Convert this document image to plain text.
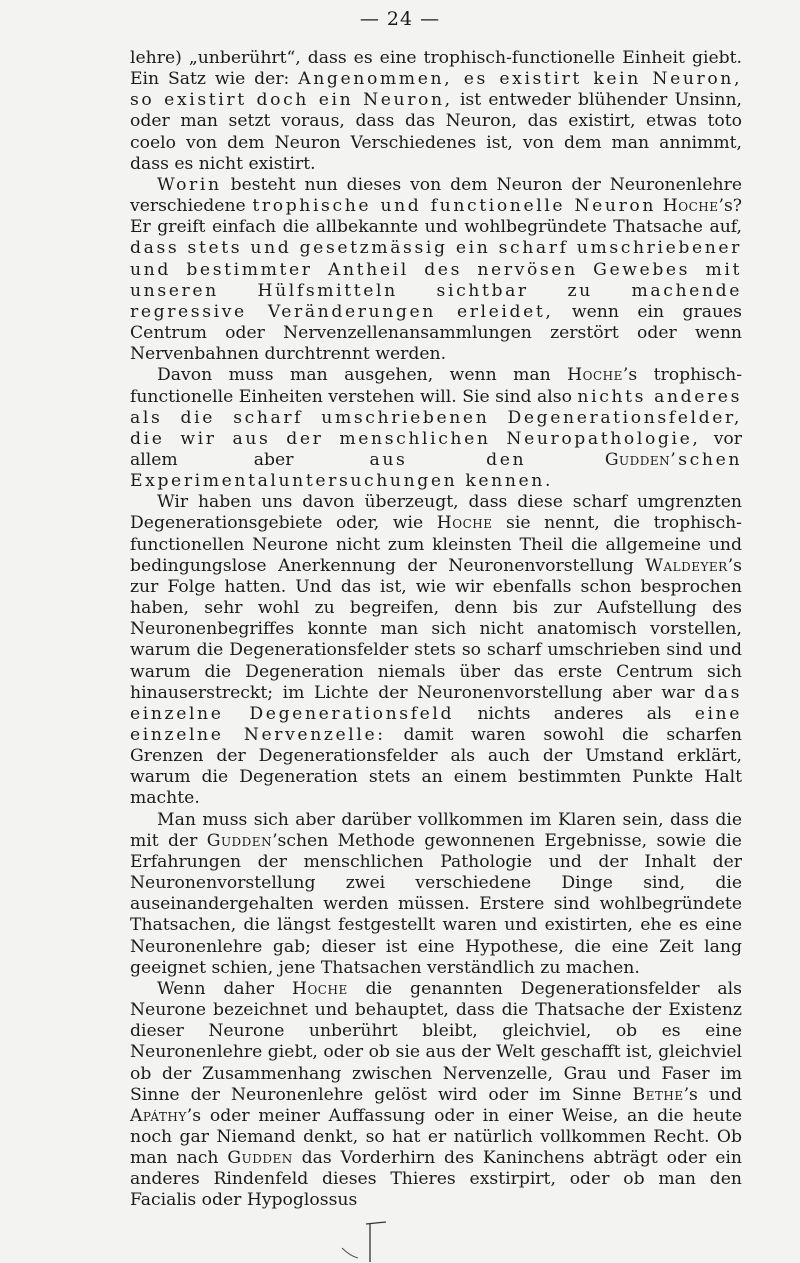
— 24 —

lehre) „unberührt“, dass es eine trophisch-functionelle Einheit giebt. Ein Satz wie der: Angenommen, es existirt kein Neuron, so existirt doch ein Neuron, ist entweder blühender Unsinn, oder man setzt voraus, dass das Neuron, das existirt, etwas toto coelo von dem Neuron Verschiedenes ist, von dem man annimmt, dass es nicht existirt.

Worin besteht nun dieses von dem Neuron der Neuronenlehre verschiedene trophische und functionelle Neuron Hoche’s? Er greift einfach die allbekannte und wohlbegründete Thatsache auf, dass stets und gesetzmässig ein scharf umschriebener und bestimmter Antheil des nervösen Gewebes mit unseren Hülfsmitteln sichtbar zu machende regressive Veränderungen erleidet, wenn ein graues Centrum oder Nervenzellenansammlungen zerstört oder wenn Nervenbahnen durchtrennt werden.

Davon muss man ausgehen, wenn man Hoche’s trophisch-functionelle Einheiten verstehen will. Sie sind also nichts anderes als die scharf umschriebenen Degenerationsfelder, die wir aus der menschlichen Neuropathologie, vor allem aber aus den Gudden’schen Experimentaluntersuchungen kennen.

Wir haben uns davon überzeugt, dass diese scharf umgrenzten Degenerationsgebiete oder, wie Hoche sie nennt, die trophisch-functionellen Neurone nicht zum kleinsten Theil die allgemeine und bedingungslose Anerkennung der Neuronenvorstellung Waldeyer’s zur Folge hatten. Und das ist, wie wir ebenfalls schon besprochen haben, sehr wohl zu begreifen, denn bis zur Aufstellung des Neuronenbegriffes konnte man sich nicht anatomisch vorstellen, warum die Degenerationsfelder stets so scharf umschrieben sind und warum die Degeneration niemals über das erste Centrum sich hinauserstreckt; im Lichte der Neuronenvorstellung aber war das einzelne Degenerationsfeld nichts anderes als eine einzelne Nervenzelle: damit waren sowohl die scharfen Grenzen der Degenerationsfelder als auch der Umstand erklärt, warum die Degeneration stets an einem bestimmten Punkte Halt machte.

Man muss sich aber darüber vollkommen im Klaren sein, dass die mit der Gudden’schen Methode gewonnenen Ergebnisse, sowie die Erfahrungen der menschlichen Pathologie und der Inhalt der Neuronenvorstellung zwei verschiedene Dinge sind, die auseinandergehalten werden müssen. Erstere sind wohlbegründete Thatsachen, die längst festgestellt waren und existirten, ehe es eine Neuronenlehre gab; dieser ist eine Hypothese, die eine Zeit lang geeignet schien, jene Thatsachen verständlich zu machen.

Wenn daher Hoche die genannten Degenerationsfelder als Neurone bezeichnet und behauptet, dass die Thatsache der Existenz dieser Neurone unberührt bleibt, gleichviel, ob es eine Neuronenlehre giebt, oder ob sie aus der Welt geschafft ist, gleichviel ob der Zusammenhang zwischen Nervenzelle, Grau und Faser im Sinne der Neuronenlehre gelöst wird oder im Sinne Bethe’s und Apáthy’s oder meiner Auffassung oder in einer Weise, an die heute noch gar Niemand denkt, so hat er natürlich vollkommen Recht. Ob man nach Gudden das Vorderhirn des Kaninchens abträgt oder ein anderes Rindenfeld dieses Thieres exstirpirt, oder ob man den Facialis oder Hypoglossus
